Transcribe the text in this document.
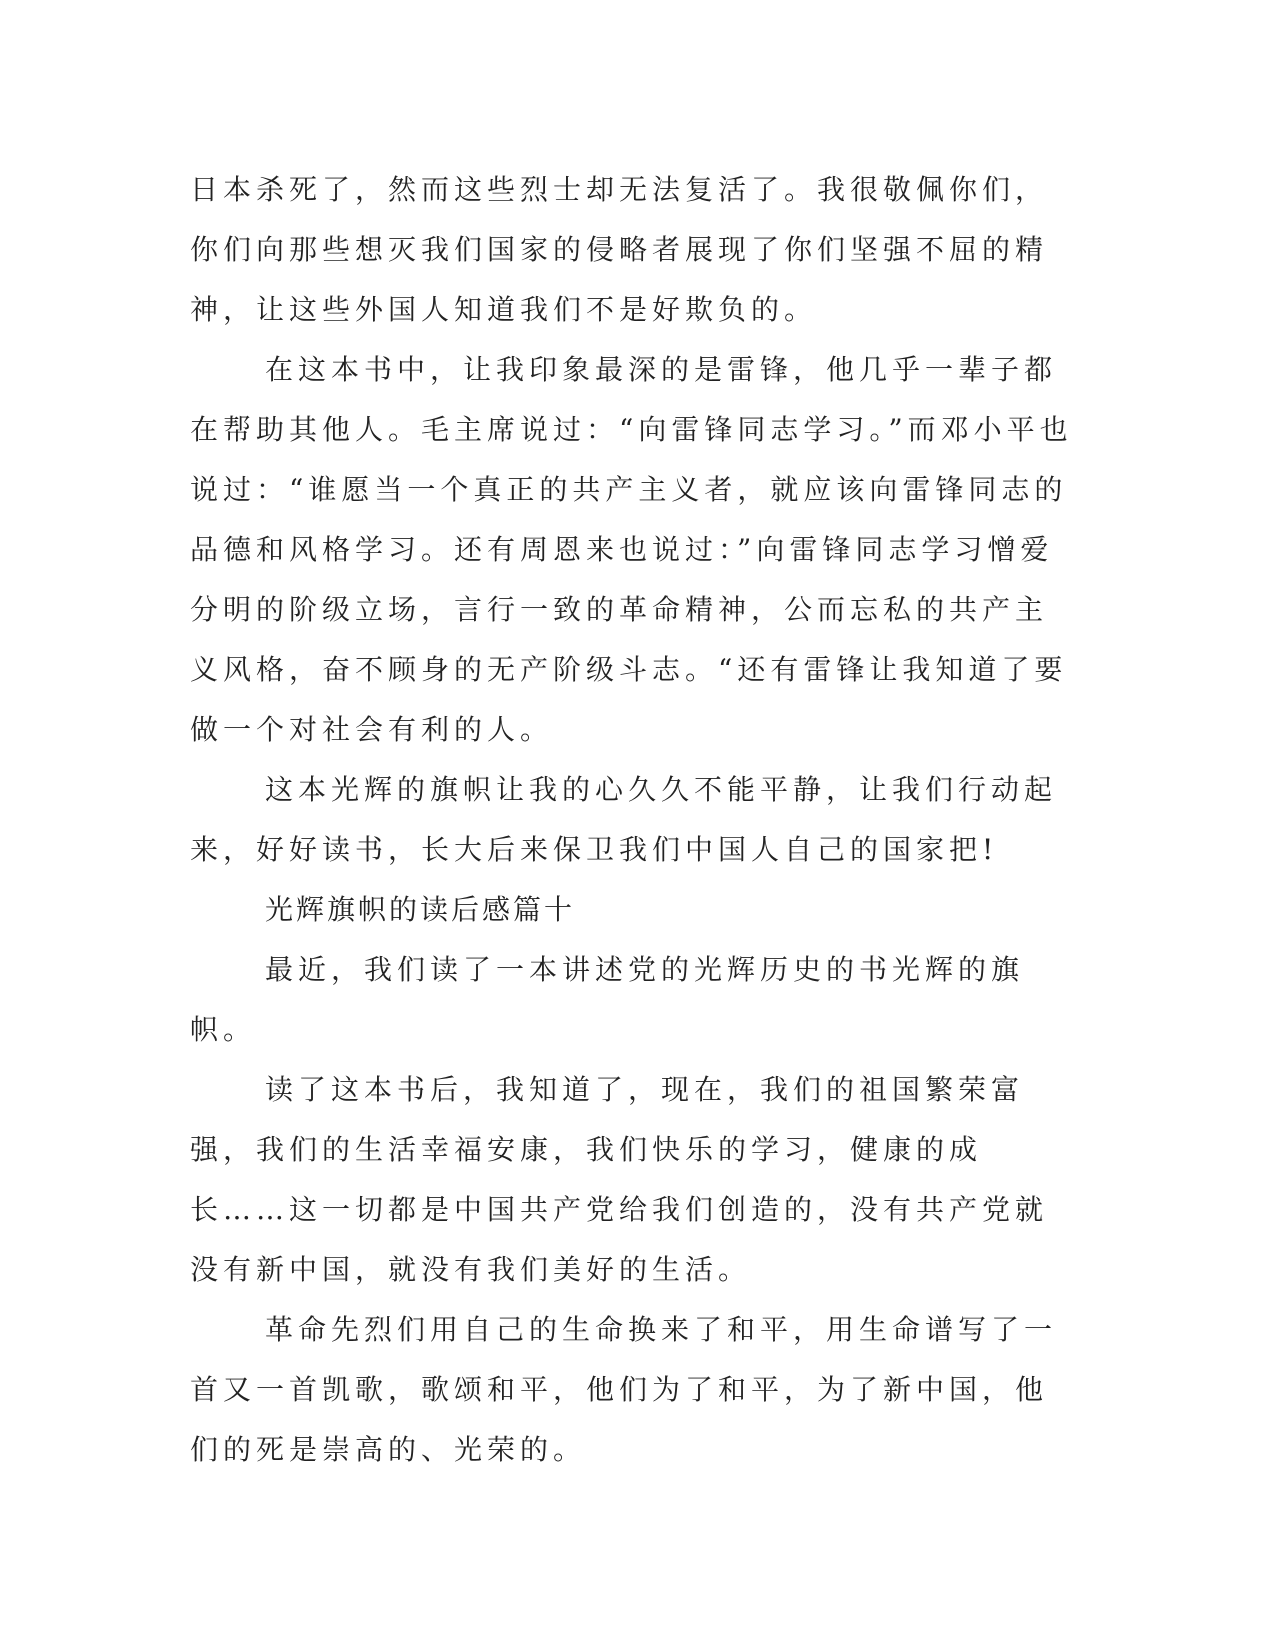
日本杀死了，然而这些烈士却无法复活了。我很敬佩你们，你们向那些想灭我们国家的侵略者展现了你们坚强不屈的精神，让这些外国人知道我们不是好欺负的。

在这本书中，让我印象最深的是雷锋，他几乎一辈子都在帮助其他人。毛主席说过：“向雷锋同志学习。”而邓小平也说过：“谁愿当一个真正的共产主义者，就应该向雷锋同志的品德和风格学习。还有周恩来也说过：”向雷锋同志学习憎爱分明的阶级立场，言行一致的革命精神，公而忘私的共产主义风格，奋不顾身的无产阶级斗志。“还有雷锋让我知道了要做一个对社会有利的人。

这本光辉的旗帜让我的心久久不能平静，让我们行动起来，好好读书，长大后来保卫我们中国人自己的国家把!

光辉旗帜的读后感篇十

最近，我们读了一本讲述党的光辉历史的书光辉的旗帜。

读了这本书后，我知道了，现在，我们的祖国繁荣富强，我们的生活幸福安康，我们快乐的学习，健康的成长……这一切都是中国共产党给我们创造的，没有共产党就没有新中国，就没有我们美好的生活。

革命先烈们用自己的生命换来了和平，用生命谱写了一首又一首凯歌，歌颂和平，他们为了和平，为了新中国，他们的死是崇高的、光荣的。
